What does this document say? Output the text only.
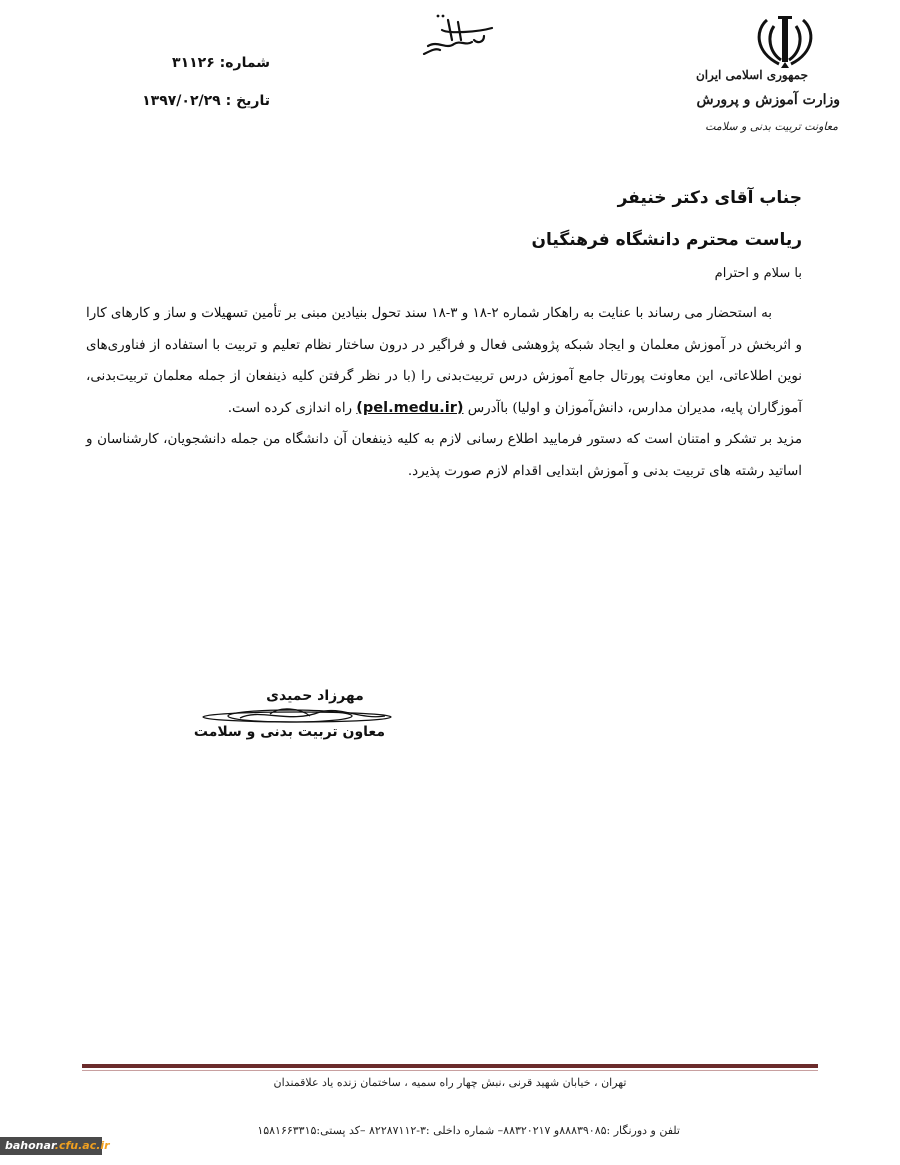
جمهوری اسلامی ایران
وزارت آموزش و پرورش
معاونت تربیت بدنی و سلامت
شماره: ۳۱۱۲۶
تاریخ : ۱۳۹۷/۰۲/۲۹
جناب آقای دکتر خنیفر
ریاست محترم دانشگاه فرهنگیان
با سلام و احترام

به استحضار می رساند با عنایت به راهکار شماره ۲-۱۸ و ۳-۱۸ سند تحول بنیادین مبنی بر تأمین تسهیلات و ساز و کارهای کارا و اثربخش در آموزش معلمان و ایجاد شبکه پژوهشی فعال و فراگیر در درون ساختار نظام تعلیم و تربیت با استفاده از فناوری‌های نوین اطلاعاتی، این معاونت پورتال جامع آموزش درس تربیت‌بدنی را (با در نظر گرفتن کلیه ذینفعان از جمله معلمان تربیت‌بدنی، آموزگاران پایه، مدیران مدارس، دانش‌آموزان و اولیا) باآدرس (pel.medu.ir) راه اندازی کرده است.

مزید بر تشکر و امتنان است که دستور فرمایید اطلاع رسانی لازم به کلیه ذینفعان آن دانشگاه من جمله دانشجویان، کارشناسان و اساتید رشته های تربیت بدنی و آموزش ابتدایی اقدام لازم صورت پذیرد.

مهرزاد حمیدی
معاون تربیت بدنی و سلامت
تهران ، خیابان شهید قرنی ،نبش چهار راه سمیه ، ساختمان زنده یاد علاقمندان
تلفن و دورنگار :۸۸۸۳۹۰۸۵و ۸۸۳۲۰۲۱۷– شماره داخلی :۳-۸۲۲۸۷۱۱۲ –کد پستی:۱۵۸۱۶۶۳۳۱۵
bahonar.cfu.ac.ir
